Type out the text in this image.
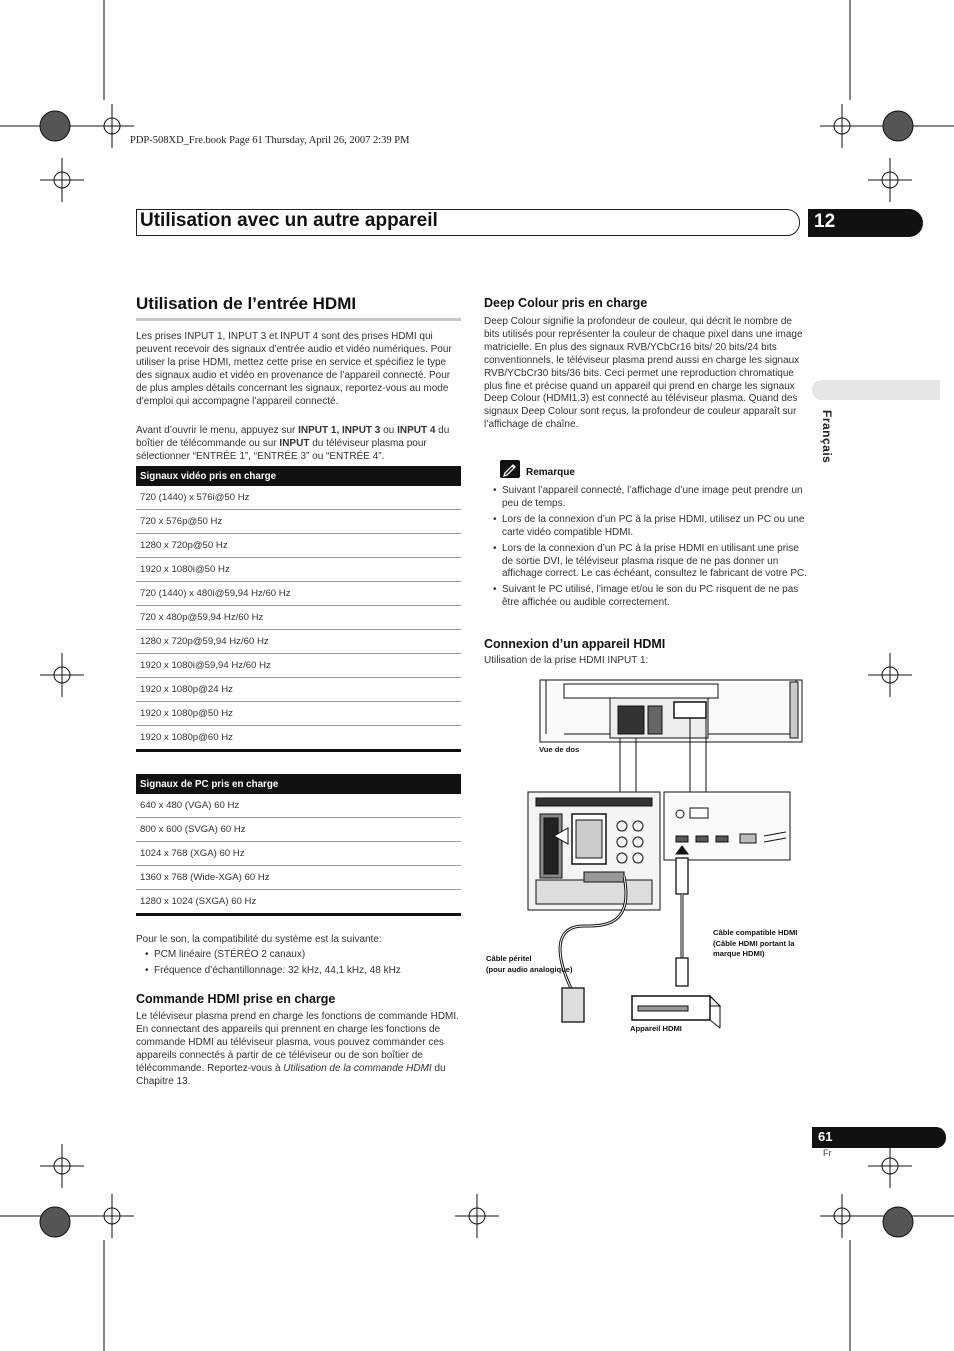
PDP-508XD_Fre.book Page 61 Thursday, April 26, 2007 2:39 PM
Utilisation avec un autre appareil	12
Français
Utilisation de l’entrée HDMI

Les prises INPUT 1, INPUT 3 et INPUT 4 sont des prises HDMI qui peuvent recevoir des signaux d’entrée audio et vidéo numériques. Pour utiliser la prise HDMI, mettez cette prise en service et spécifiez le type des signaux audio et vidéo en provenance de l’appareil connecté. Pour de plus amples détails concernant les signaux, reportez-vous au mode d’emploi qui accompagne l’appareil connecté.

Avant d’ouvrir le menu, appuyez sur INPUT 1, INPUT 3 ou INPUT 4 du boîtier de télécommande ou sur INPUT du téléviseur plasma pour sélectionner “ENTRÉE 1”, “ENTRÉE 3” ou “ENTRÉE 4”.

Signaux vidéo pris en charge
720 (1440) x 576i@50 Hz
720 x 576p@50 Hz
1280 x 720p@50 Hz
1920 x 1080i@50 Hz
720 (1440) x 480i@59,94 Hz/60 Hz
720 x 480p@59,94 Hz/60 Hz
1280 x 720p@59,94 Hz/60 Hz
1920 x 1080i@59,94 Hz/60 Hz
1920 x 1080p@24 Hz
1920 x 1080p@50 Hz
1920 x 1080p@60 Hz
Signaux de PC pris en charge
640 x 480 (VGA) 60 Hz
800 x 600 (SVGA) 60 Hz
1024 x 768 (XGA) 60 Hz
1360 x 768 (Wide-XGA) 60 Hz
1280 x 1024 (SXGA) 60 Hz

Pour le son, la compatibilité du système est la suivante:

• PCM linéaire (STÉRÉO 2 canaux)
• Fréquence d’échantillonnage: 32 kHz, 44,1 kHz, 48 kHz
Commande HDMI prise en charge

Le téléviseur plasma prend en charge les fonctions de commande HDMI. En connectant des appareils qui prennent en charge les fonctions de commande HDMI au téléviseur plasma, vous pouvez commander ces appareils connectés à partir de ce téléviseur ou de son boîtier de télécommande. Reportez-vous à Utilisation de la commande HDMI du Chapitre 13.

Deep Colour pris en charge

Deep Colour signifie la profondeur de couleur, qui décrit le nombre de bits utilisés pour représenter la couleur de chaque pixel dans une image matricielle. En plus des signaux RVB/YCbCr16 bits/ 20 bits/24 bits conventionnels, le téléviseur plasma prend aussi en charge les signaux RVB/YCbCr30 bits/36 bits. Ceci permet une reproduction chromatique plus fine et précise quand un appareil qui prend en charge les signaux Deep Colour (HDMI1.3) est connecté au téléviseur plasma. Quand des signaux Deep Colour sont reçus, la profondeur de couleur apparaît sur l’affichage de chaîne.

Remarque
• Suivant l’appareil connecté, l’affichage d’une image peut prendre un peu de temps.
• Lors de la connexion d’un PC à la prise HDMI, utilisez un PC ou une carte vidéo compatible HDMI.
• Lors de la connexion d’un PC à la prise HDMI en utilisant une prise de sortie DVI, le téléviseur plasma risque de ne pas donner un affichage correct. Le cas échéant, consultez le fabricant de votre PC.
• Suivant le PC utilisé, l’image et/ou le son du PC risquent de ne pas être affichée ou audible correctement.
Connexion d’un appareil HDMI

Utilisation de la prise HDMI INPUT 1:

Vue de dos
Câble compatible HDMI
(Câble HDMI portant la
marque HDMI)
Câble péritel
(pour audio analogique)
Appareil HDMI
61
Fr
